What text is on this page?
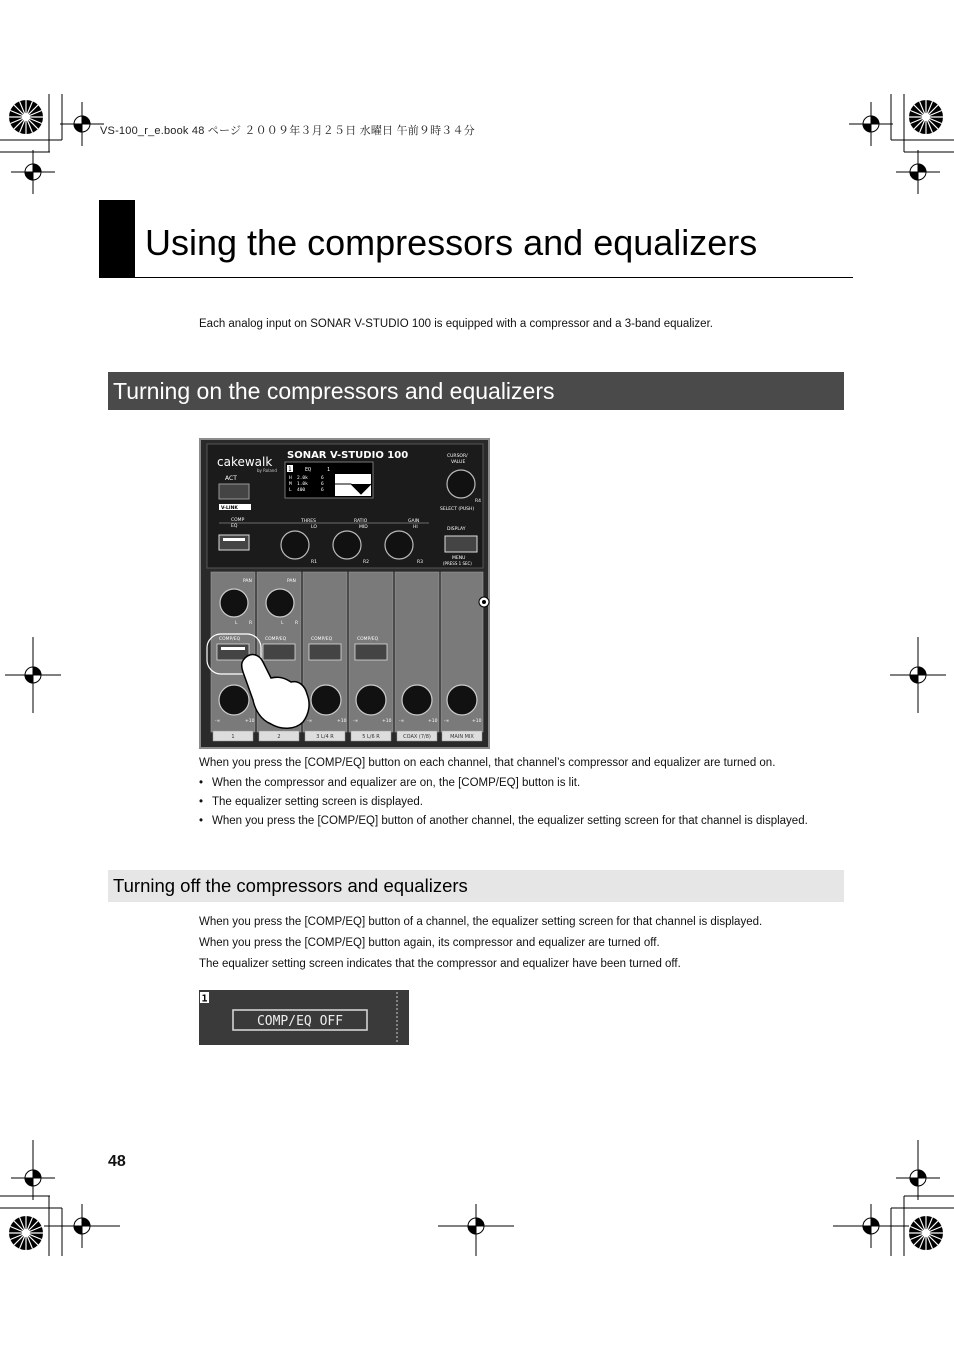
VS-100_r_e.book 48 ページ ２００９年３月２５日 水曜日 午前９時３４分
Using the compressors and equalizers
Each analog input on SONAR V-STUDIO 100 is equipped with a compressor and a 3-band equalizer.
Turning on the compressors and equalizers
cakewalk
by Roland
SONAR V-STUDIO 100
ACT
V-LINK
COMP
EQ
1	EQ	1
H 2.0k	6
M 1.0k	6
L 400	6
THRES
LO
RATIO
MID
GAIN
HI
R1	R2	R3
R4
CURSOR/
VALUE
SELECT (PUSH)
DISPLAY
MENU
(PRESS 1 SEC)
PAN	PAN
L	R	L	R
COMP/EQ	COMP/EQ	COMP/EQ	COMP/EQ
-∞	+10	-∞	+10 -∞	+10 -∞	+10 -∞	+10
1	2	3 L/4 R	5 L/6 R	COAX (7/8)	MAIN MIX
When you press the [COMP/EQ] button on each channel, that channel’s compressor and equalizer are turned on.
• When the compressor and equalizer are on, the [COMP/EQ] button is lit.
• The equalizer setting screen is displayed.
• When you press the [COMP/EQ] button of another channel, the equalizer setting screen for that channel is displayed.
Turning off the compressors and equalizers
When you press the [COMP/EQ] button of a channel, the equalizer setting screen for that channel is displayed.
When you press the [COMP/EQ] button again, its compressor and equalizer are turned off.
The equalizer setting screen indicates that the compressor and equalizer have been turned off.
1
COMP/EQ OFF
48
